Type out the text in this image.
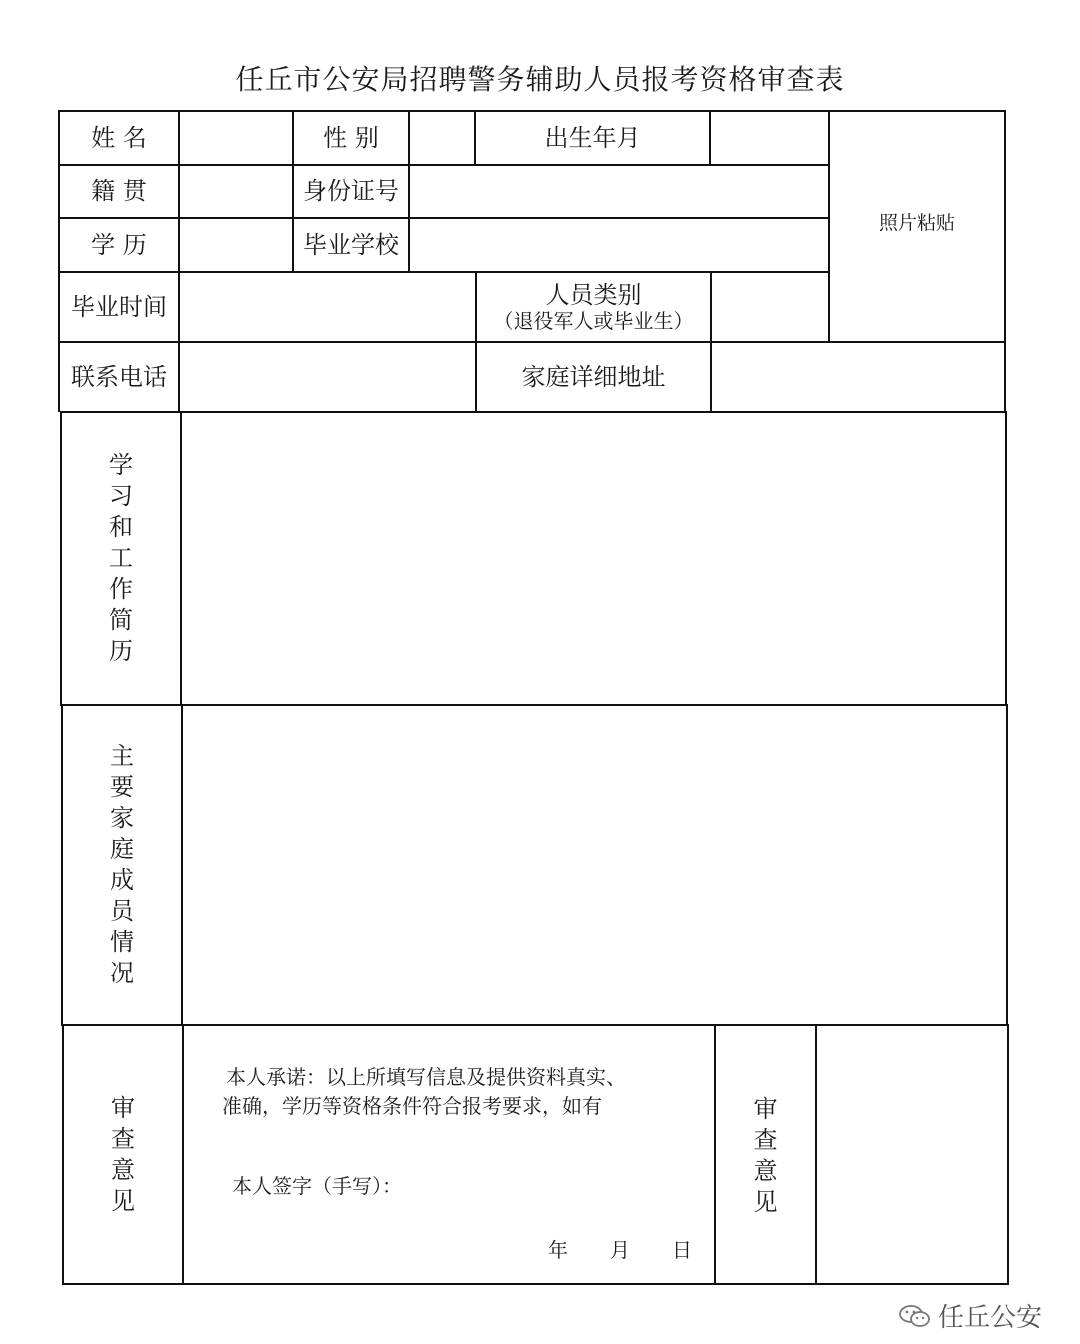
任丘市公安局招聘警务辅助人员报考资格审查表
姓 名	性 别	出生年月
照片粘贴
籍 贯	身份证号
学 历	毕业学校
毕业时间	人员类别
（退役军人或毕业生）
联系电话	家庭详细地址
学
习
和
工
作
简
历
主
要
家
庭
成
员
情
况
审
查
意
见
本人承诺：以上所填写信息及提供资料真实、
准确，学历等资格条件符合报考要求，如有
本人签字（手写）：
年 月 日
审
查
意
见
任丘公安
